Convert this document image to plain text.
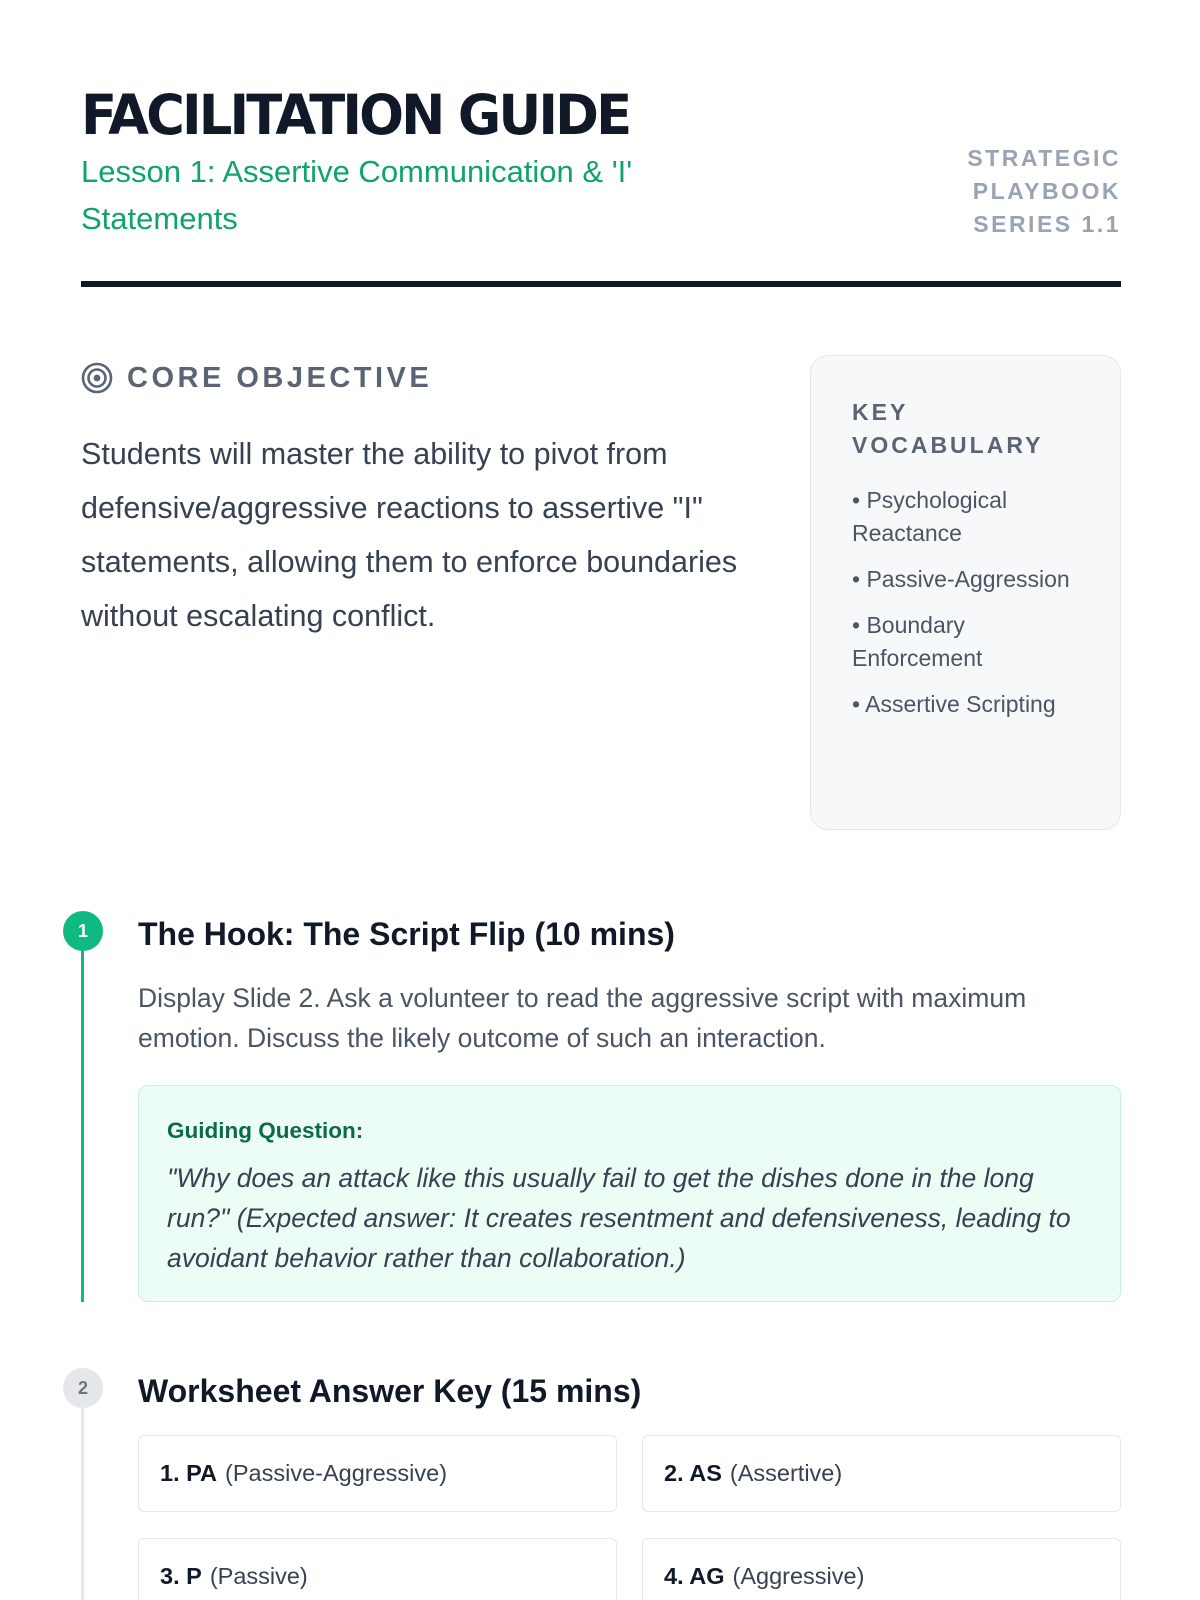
FACILITATION GUIDE
Lesson 1: Assertive Communication & 'I' Statements
STRATEGIC
PLAYBOOK
SERIES 1.1
CORE OBJECTIVE
Students will master the ability to pivot from defensive/aggressive reactions to assertive "I" statements, allowing them to enforce boundaries without escalating conflict.
KEY
VOCABULARY
• Psychological Reactance
• Passive-Aggression
• Boundary Enforcement
• Assertive Scripting
1	The Hook: The Script Flip (10 mins)
Display Slide 2. Ask a volunteer to read the aggressive script with maximum emotion. Discuss the likely outcome of such an interaction.
Guiding Question:
"Why does an attack like this usually fail to get the dishes done in the long run?" (Expected answer: It creates resentment and defensiveness, leading to avoidant behavior rather than collaboration.)
2	Worksheet Answer Key (15 mins)
1. PA (Passive-Aggressive)	2. AS (Assertive)
3. P (Passive)	4. AG (Aggressive)
